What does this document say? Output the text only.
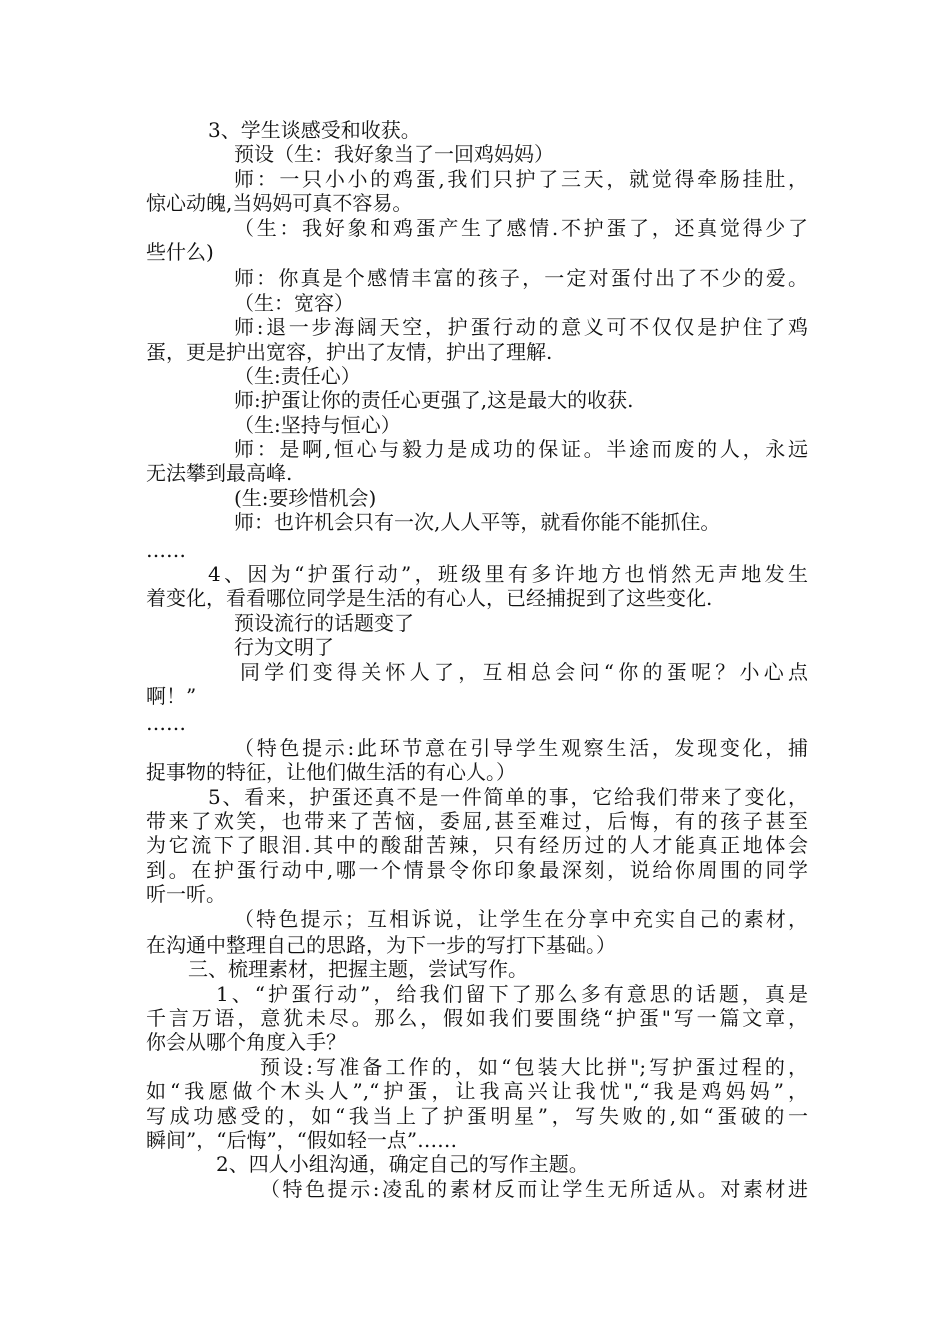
3、学生谈感受和收获。
预设（生：我好象当了一回鸡妈妈）
师：一只小小的鸡蛋,我们只护了三天，就觉得牵肠挂肚，
惊心动魄,当妈妈可真不容易。
（生：我好象和鸡蛋产生了感情.不护蛋了，还真觉得少了
些什么)
师：你真是个感情丰富的孩子，一定对蛋付出了不少的爱。
（生：宽容）
师:退一步海阔天空，护蛋行动的意义可不仅仅是护住了鸡
蛋，更是护出宽容，护出了友情，护出了理解.
（生:责任心）
师:护蛋让你的责任心更强了,这是最大的收获.
（生:坚持与恒心）
师：是啊,恒心与毅力是成功的保证。半途而废的人，永远
无法攀到最高峰.
(生:要珍惜机会)
师：也许机会只有一次,人人平等，就看你能不能抓住。
……
4、因为“护蛋行动”，班级里有多许地方也悄然无声地发生
着变化，看看哪位同学是生活的有心人，已经捕捉到了这些变化.
预设流行的话题变了
行为文明了
同学们变得关怀人了，互相总会问“你的蛋呢？小心点
啊！”
……
（特色提示:此环节意在引导学生观察生活，发现变化，捕
捉事物的特征，让他们做生活的有心人。）
5、看来，护蛋还真不是一件简单的事，它给我们带来了变化，
带来了欢笑，也带来了苦恼，委屈,甚至难过，后悔，有的孩子甚至
为它流下了眼泪.其中的酸甜苦辣，只有经历过的人才能真正地体会
到。在护蛋行动中,哪一个情景令你印象最深刻，说给你周围的同学
听一听。
（特色提示；互相诉说，让学生在分享中充实自己的素材，
在沟通中整理自己的思路，为下一步的写打下基础。）
三、梳理素材，把握主题，尝试写作。
1、“护蛋行动”，给我们留下了那么多有意思的话题，真是
千言万语，意犹未尽。那么，假如我们要围绕“护蛋"写一篇文章，
你会从哪个角度入手？
预设:写准备工作的，如“包装大比拼";写护蛋过程的，
如“我愿做个木头人”,“护蛋，让我高兴让我忧",“我是鸡妈妈”，
写成功感受的，如“我当上了护蛋明星”，写失败的,如“蛋破的一
瞬间”，“后悔”，“假如轻一点”……
2、四人小组沟通，确定自己的写作主题。
（特色提示:凌乱的素材反而让学生无所适从。对素材进
